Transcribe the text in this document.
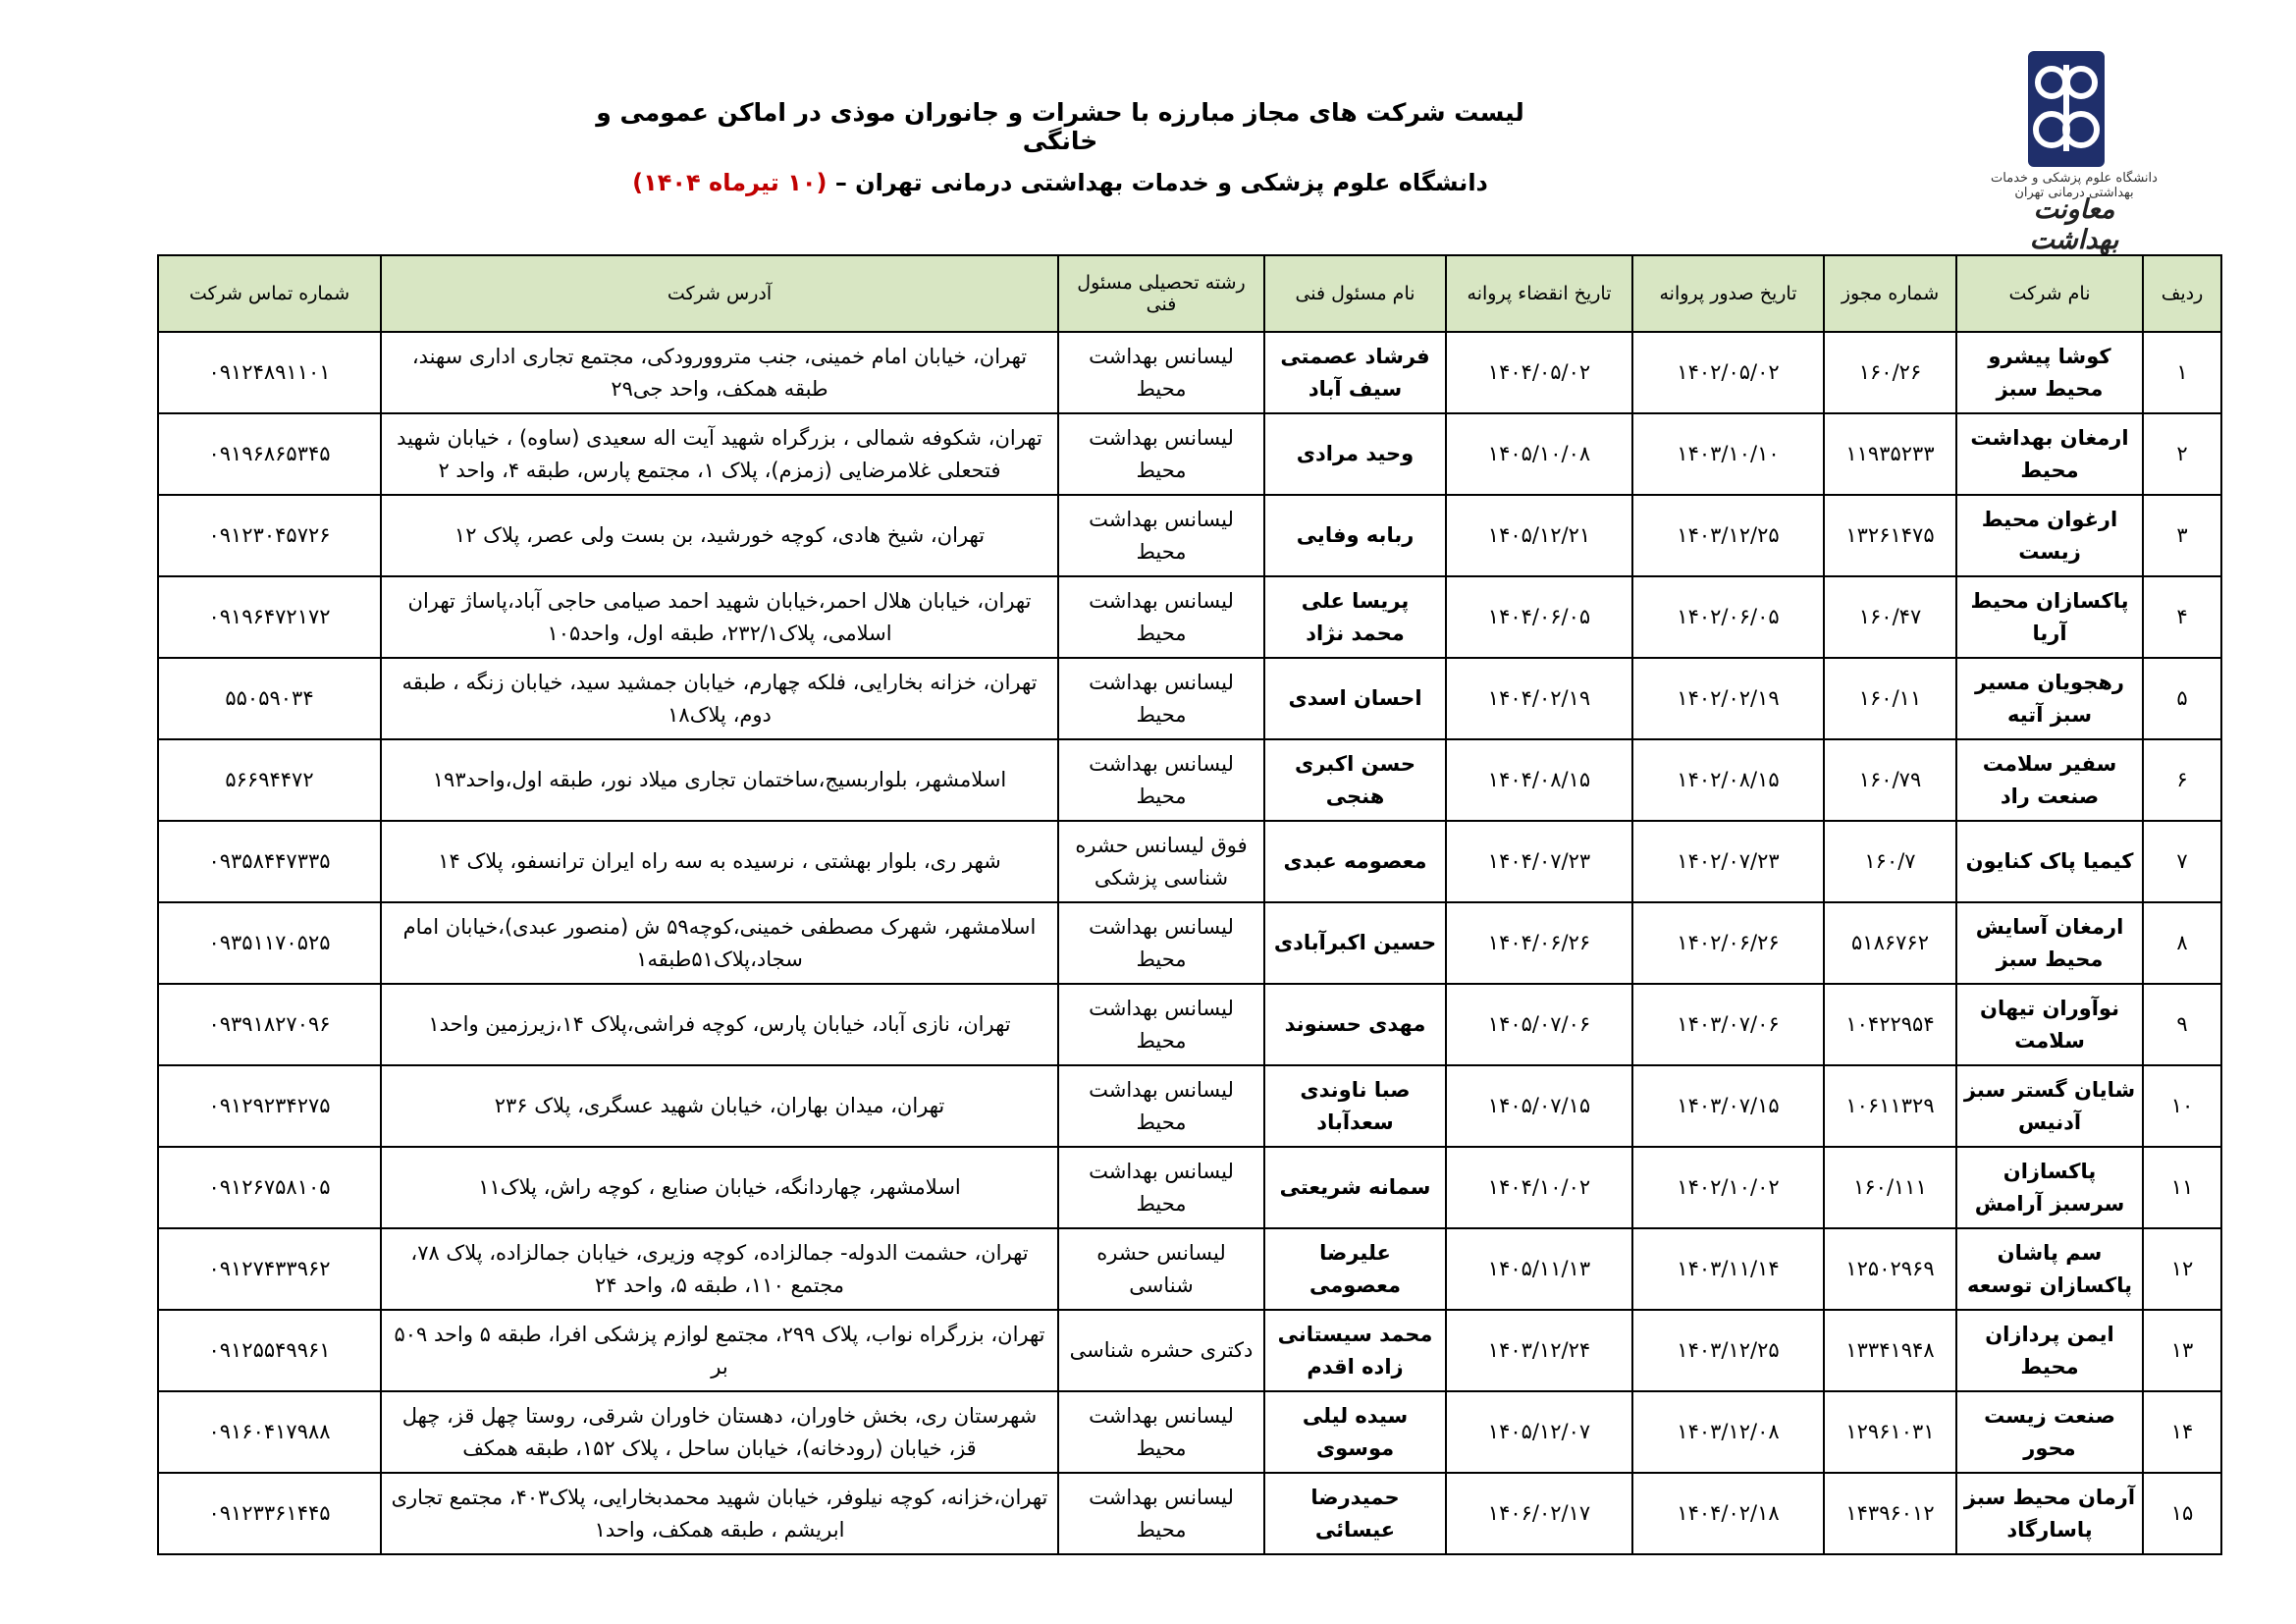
لیست شرکت های مجاز مبارزه با حشرات و جانوران موذی در اماکن عمومی و خانگی
دانشگاه علوم پزشکی و خدمات بهداشتی درمانی تهران – (۱۰ تیرماه ۱۴۰۴)	دانشگاه علوم پزشکی و خدمات بهداشتی درمانی تهران
معاونت بهداشت
ردیف	نام شرکت	شماره مجوز	تاریخ صدور پروانه	تاریخ انقضاء پروانه	نام مسئول فنی	رشته تحصیلی مسئول فنی	آدرس شرکت	شماره تماس شرکت
۱	کوشا پیشرو محیط سبز	۱۶۰/۲۶	۱۴۰۲/۰۵/۰۲	۱۴۰۴/۰۵/۰۲	فرشاد عصمتی سیف آباد	لیسانس بهداشت محیط	تهران، خیابان امام خمینی، جنب متروورودکی، مجتمع تجاری اداری سهند، طبقه همکف، واحد جی۲۹	۰۹۱۲۴۸۹۱۱۰۱
۲	ارمغان بهداشت محیط	۱۱۹۳۵۲۳۳	۱۴۰۳/۱۰/۱۰	۱۴۰۵/۱۰/۰۸	وحید مرادی	لیسانس بهداشت محیط	تهران، شکوفه شمالی ، بزرگراه شهید آیت اله سعیدی (ساوه) ، خیابان شهید فتحعلی غلامرضایی (زمزم)، پلاک ۱، مجتمع پارس، طبقه ۴، واحد ۲	۰۹۱۹۶۸۶۵۳۴۵
۳	ارغوان محیط زیست	۱۳۲۶۱۴۷۵	۱۴۰۳/۱۲/۲۵	۱۴۰۵/۱۲/۲۱	ربابه وفایی	لیسانس بهداشت محیط	تهران، شیخ هادی، کوچه خورشید، بن بست ولی عصر، پلاک ۱۲	۰۹۱۲۳۰۴۵۷۲۶
۴	پاکسازان محیط آریا	۱۶۰/۴۷	۱۴۰۲/۰۶/۰۵	۱۴۰۴/۰۶/۰۵	پریسا علی محمد نژاد	لیسانس بهداشت محیط	تهران، خیابان هلال احمر،خیابان شهید احمد صیامی حاجی آباد،پاساژ تهران اسلامی، پلاک۲۳۲/۱، طبقه اول، واحد۱۰۵	۰۹۱۹۶۴۷۲۱۷۲
۵	رهجویان مسیر سبز آتیه	۱۶۰/۱۱	۱۴۰۲/۰۲/۱۹	۱۴۰۴/۰۲/۱۹	احسان اسدی	لیسانس بهداشت محیط	تهران، خزانه بخارایی، فلکه چهارم، خیابان جمشید سید، خیابان زنگه ، طبقه دوم، پلاک۱۸	۵۵۰۵۹۰۳۴
۶	سفیر سلامت صنعت راد	۱۶۰/۷۹	۱۴۰۲/۰۸/۱۵	۱۴۰۴/۰۸/۱۵	حسن اکبری هنجی	لیسانس بهداشت محیط	اسلامشهر، بلواربسیج،ساختمان تجاری میلاد نور، طبقه اول،واحد۱۹۳	۵۶۶۹۴۴۷۲
۷	کیمیا پاک کنایون	۱۶۰/۷	۱۴۰۲/۰۷/۲۳	۱۴۰۴/۰۷/۲۳	معصومه عبدی	فوق لیسانس حشره شناسی پزشکی	شهر ری، بلوار بهشتی ، نرسیده به سه راه ایران ترانسفو، پلاک ۱۴	۰۹۳۵۸۴۴۷۳۳۵
۸	ارمغان آسایش محیط سبز	۵۱۸۶۷۶۲	۱۴۰۲/۰۶/۲۶	۱۴۰۴/۰۶/۲۶	حسین اکبرآبادی	لیسانس بهداشت محیط	اسلامشهر، شهرک مصطفی خمینی،کوچه۵۹ ش (منصور عبدی)،خیابان امام سجاد،پلاک۵۱طبقه۱	۰۹۳۵۱۱۷۰۵۲۵
۹	نوآوران تیهان سلامت	۱۰۴۲۲۹۵۴	۱۴۰۳/۰۷/۰۶	۱۴۰۵/۰۷/۰۶	مهدی حسنوند	لیسانس بهداشت محیط	تهران، نازی آباد، خیابان پارس، کوچه فراشی،پلاک ۱۴،زیرزمین واحد۱	۰۹۳۹۱۸۲۷۰۹۶
۱۰	شایان گستر سبز آدنیس	۱۰۶۱۱۳۲۹	۱۴۰۳/۰۷/۱۵	۱۴۰۵/۰۷/۱۵	صبا ناوندی سعدآباد	لیسانس بهداشت محیط	تهران، میدان بهاران، خیابان شهید عسگری، پلاک ۲۳۶	۰۹۱۲۹۲۳۴۲۷۵
۱۱	پاکسازان سرسبز آرامش	۱۶۰/۱۱۱	۱۴۰۲/۱۰/۰۲	۱۴۰۴/۱۰/۰۲	سمانه شریعتی	لیسانس بهداشت محیط	اسلامشهر، چهاردانگه، خیابان صنایع ، کوچه راش، پلاک۱۱	۰۹۱۲۶۷۵۸۱۰۵
۱۲	سم پاشان پاکسازان توسعه	۱۲۵۰۲۹۶۹	۱۴۰۳/۱۱/۱۴	۱۴۰۵/۱۱/۱۳	علیرضا معصومی	لیسانس حشره شناسی	تهران، حشمت الدوله- جمالزاده، کوچه وزیری، خیابان جمالزاده، پلاک ۷۸، مجتمع ۱۱۰، طبقه ۵، واحد ۲۴	۰۹۱۲۷۴۳۳۹۶۲
۱۳	ایمن پردازان محیط	۱۳۳۴۱۹۴۸	۱۴۰۳/۱۲/۲۵	۱۴۰۳/۱۲/۲۴	محمد سیستانی زاده اقدم	دکتری حشره شناسی	تهران، بزرگراه نواب، پلاک ۲۹۹، مجتمع لوازم پزشکی افرا، طبقه ۵ واحد ۵۰۹ بر	۰۹۱۲۵۵۴۹۹۶۱
۱۴	صنعت زیست محور	۱۲۹۶۱۰۳۱	۱۴۰۳/۱۲/۰۸	۱۴۰۵/۱۲/۰۷	سیده لیلی موسوی	لیسانس بهداشت محیط	شهرستان ری، بخش خاوران، دهستان خاوران شرقی، روستا چهل قز، چهل قز، خیابان (رودخانه)، خیابان ساحل ، پلاک ۱۵۲، طبقه همکف	۰۹۱۶۰۴۱۷۹۸۸
۱۵	آرمان محیط سبز پاسارگاد	۱۴۳۹۶۰۱۲	۱۴۰۴/۰۲/۱۸	۱۴۰۶/۰۲/۱۷	حمیدرضا عیسائی	لیسانس بهداشت محیط	تهران،خزانه، کوچه نیلوفر، خیابان شهید محمدبخارایی، پلاک۴۰۳، مجتمع تجاری ابریشم ، طبقه همکف، واحد۱	۰۹۱۲۳۳۶۱۴۴۵
